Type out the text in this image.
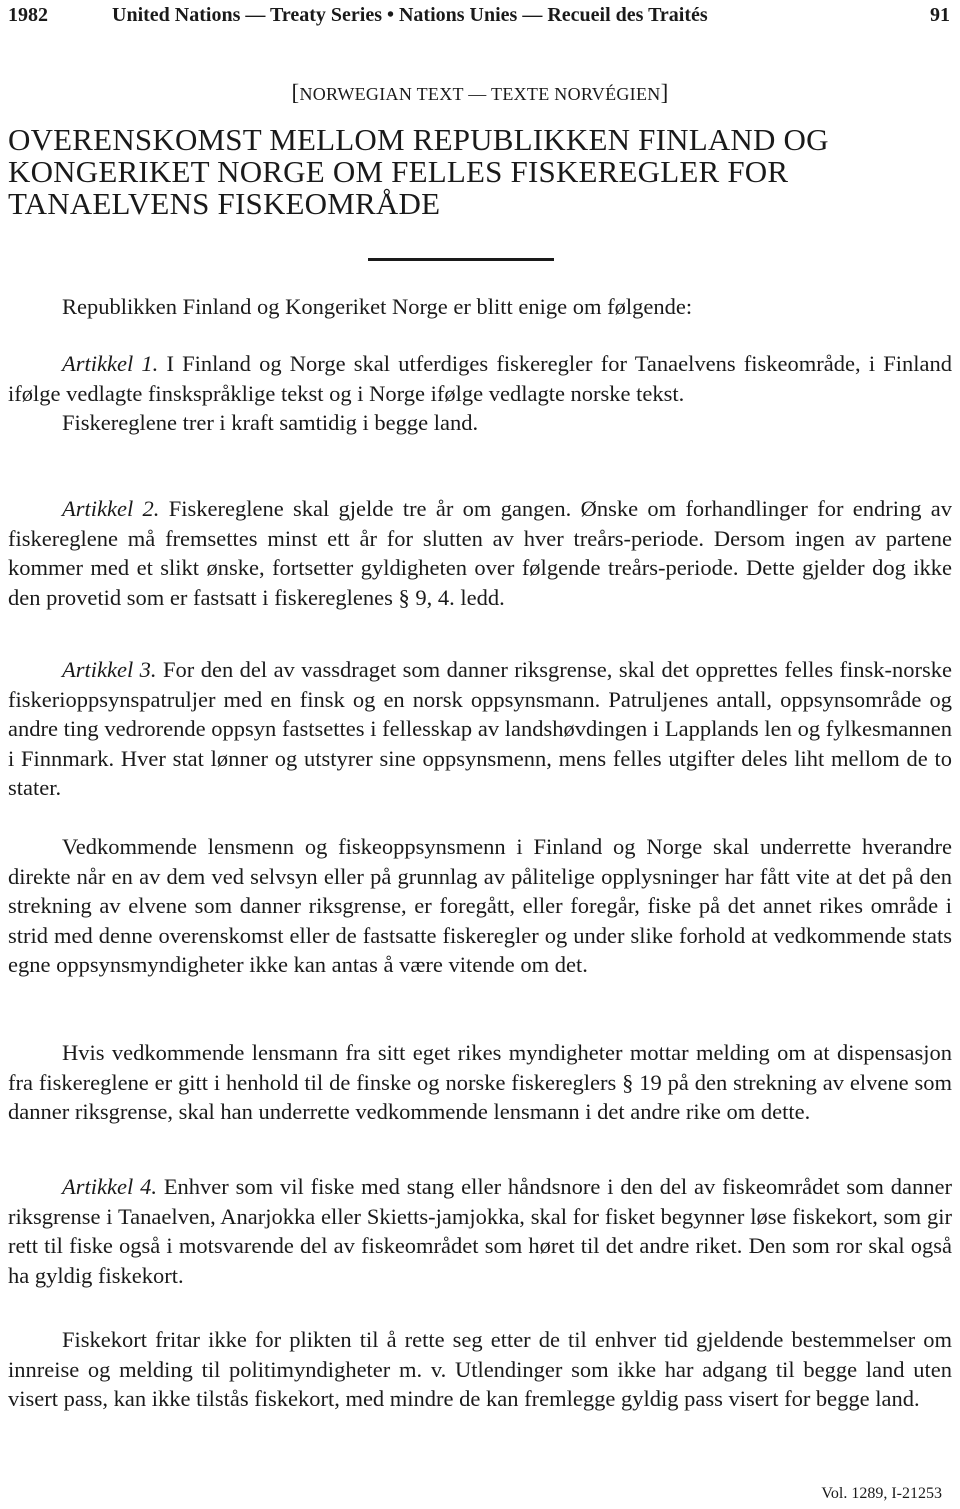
1982	United Nations — Treaty Series • Nations Unies — Recueil des Traités	91
[NORWEGIAN TEXT — TEXTE NORVÉGIEN]
OVERENSKOMST MELLOM REPUBLIKKEN FINLAND OG
KONGERIKET NORGE OM FELLES FISKEREGLER FOR
TANAELVENS FISKEOMRÅDE

Republikken Finland og Kongeriket Norge er blitt enige om følgende:

Artikkel 1. I Finland og Norge skal utferdiges fiskeregler for Tanaelvens fiskeområde, i Finland ifølge vedlagte finskspråklige tekst og i Norge ifølge vedlagte norske tekst.

Fiskereglene trer i kraft samtidig i begge land.

Artikkel 2. Fiskereglene skal gjelde tre år om gangen. Ønske om forhandlinger for endring av fiskereglene må fremsettes minst ett år for slutten av hver treårs-periode. Dersom ingen av partene kommer med et slikt ønske, fortsetter gyldigheten over følgende treårs-periode. Dette gjelder dog ikke den provetid som er fastsatt i fiskereglenes § 9, 4. ledd.

Artikkel 3. For den del av vassdraget som danner riksgrense, skal det opprettes felles finsk-norske fiskerioppsynspatruljer med en finsk og en norsk oppsynsmann. Patruljenes antall, oppsynsområde og andre ting vedrorende oppsyn fastsettes i fellesskap av landshøvdingen i Lapplands len og fylkesmannen i Finnmark. Hver stat lønner og utstyrer sine oppsynsmenn, mens felles utgifter deles liht mellom de to stater.

Vedkommende lensmenn og fiskeoppsynsmenn i Finland og Norge skal underrette hverandre direkte når en av dem ved selvsyn eller på grunnlag av pålitelige opplysninger har fått vite at det på den strekning av elvene som danner riksgrense, er foregått, eller foregår, fiske på det annet rikes område i strid med denne overenskomst eller de fastsatte fiskeregler og under slike forhold at vedkommende stats egne oppsynsmyndigheter ikke kan antas å være vitende om det.

Hvis vedkommende lensmann fra sitt eget rikes myndigheter mottar melding om at dispensasjon fra fiskereglene er gitt i henhold til de finske og norske fiskereglers § 19 på den strekning av elvene som danner riksgrense, skal han underrette vedkommende lensmann i det andre rike om dette.

Artikkel 4. Enhver som vil fiske med stang eller håndsnore i den del av fiskeområdet som danner riksgrense i Tanaelven, Anarjokka eller Skietts-jamjokka, skal for fisket begynner løse fiskekort, som gir rett til fiske også i motsvarende del av fiskeområdet som høret til det andre riket. Den som ror skal også ha gyldig fiskekort.

Fiskekort fritar ikke for plikten til å rette seg etter de til enhver tid gjeldende bestemmelser om innreise og melding til politimyndigheter m. v. Utlendinger som ikke har adgang til begge land uten visert pass, kan ikke tilstås fiskekort, med mindre de kan fremlegge gyldig pass visert for begge land.

Vol. 1289, I-21253
